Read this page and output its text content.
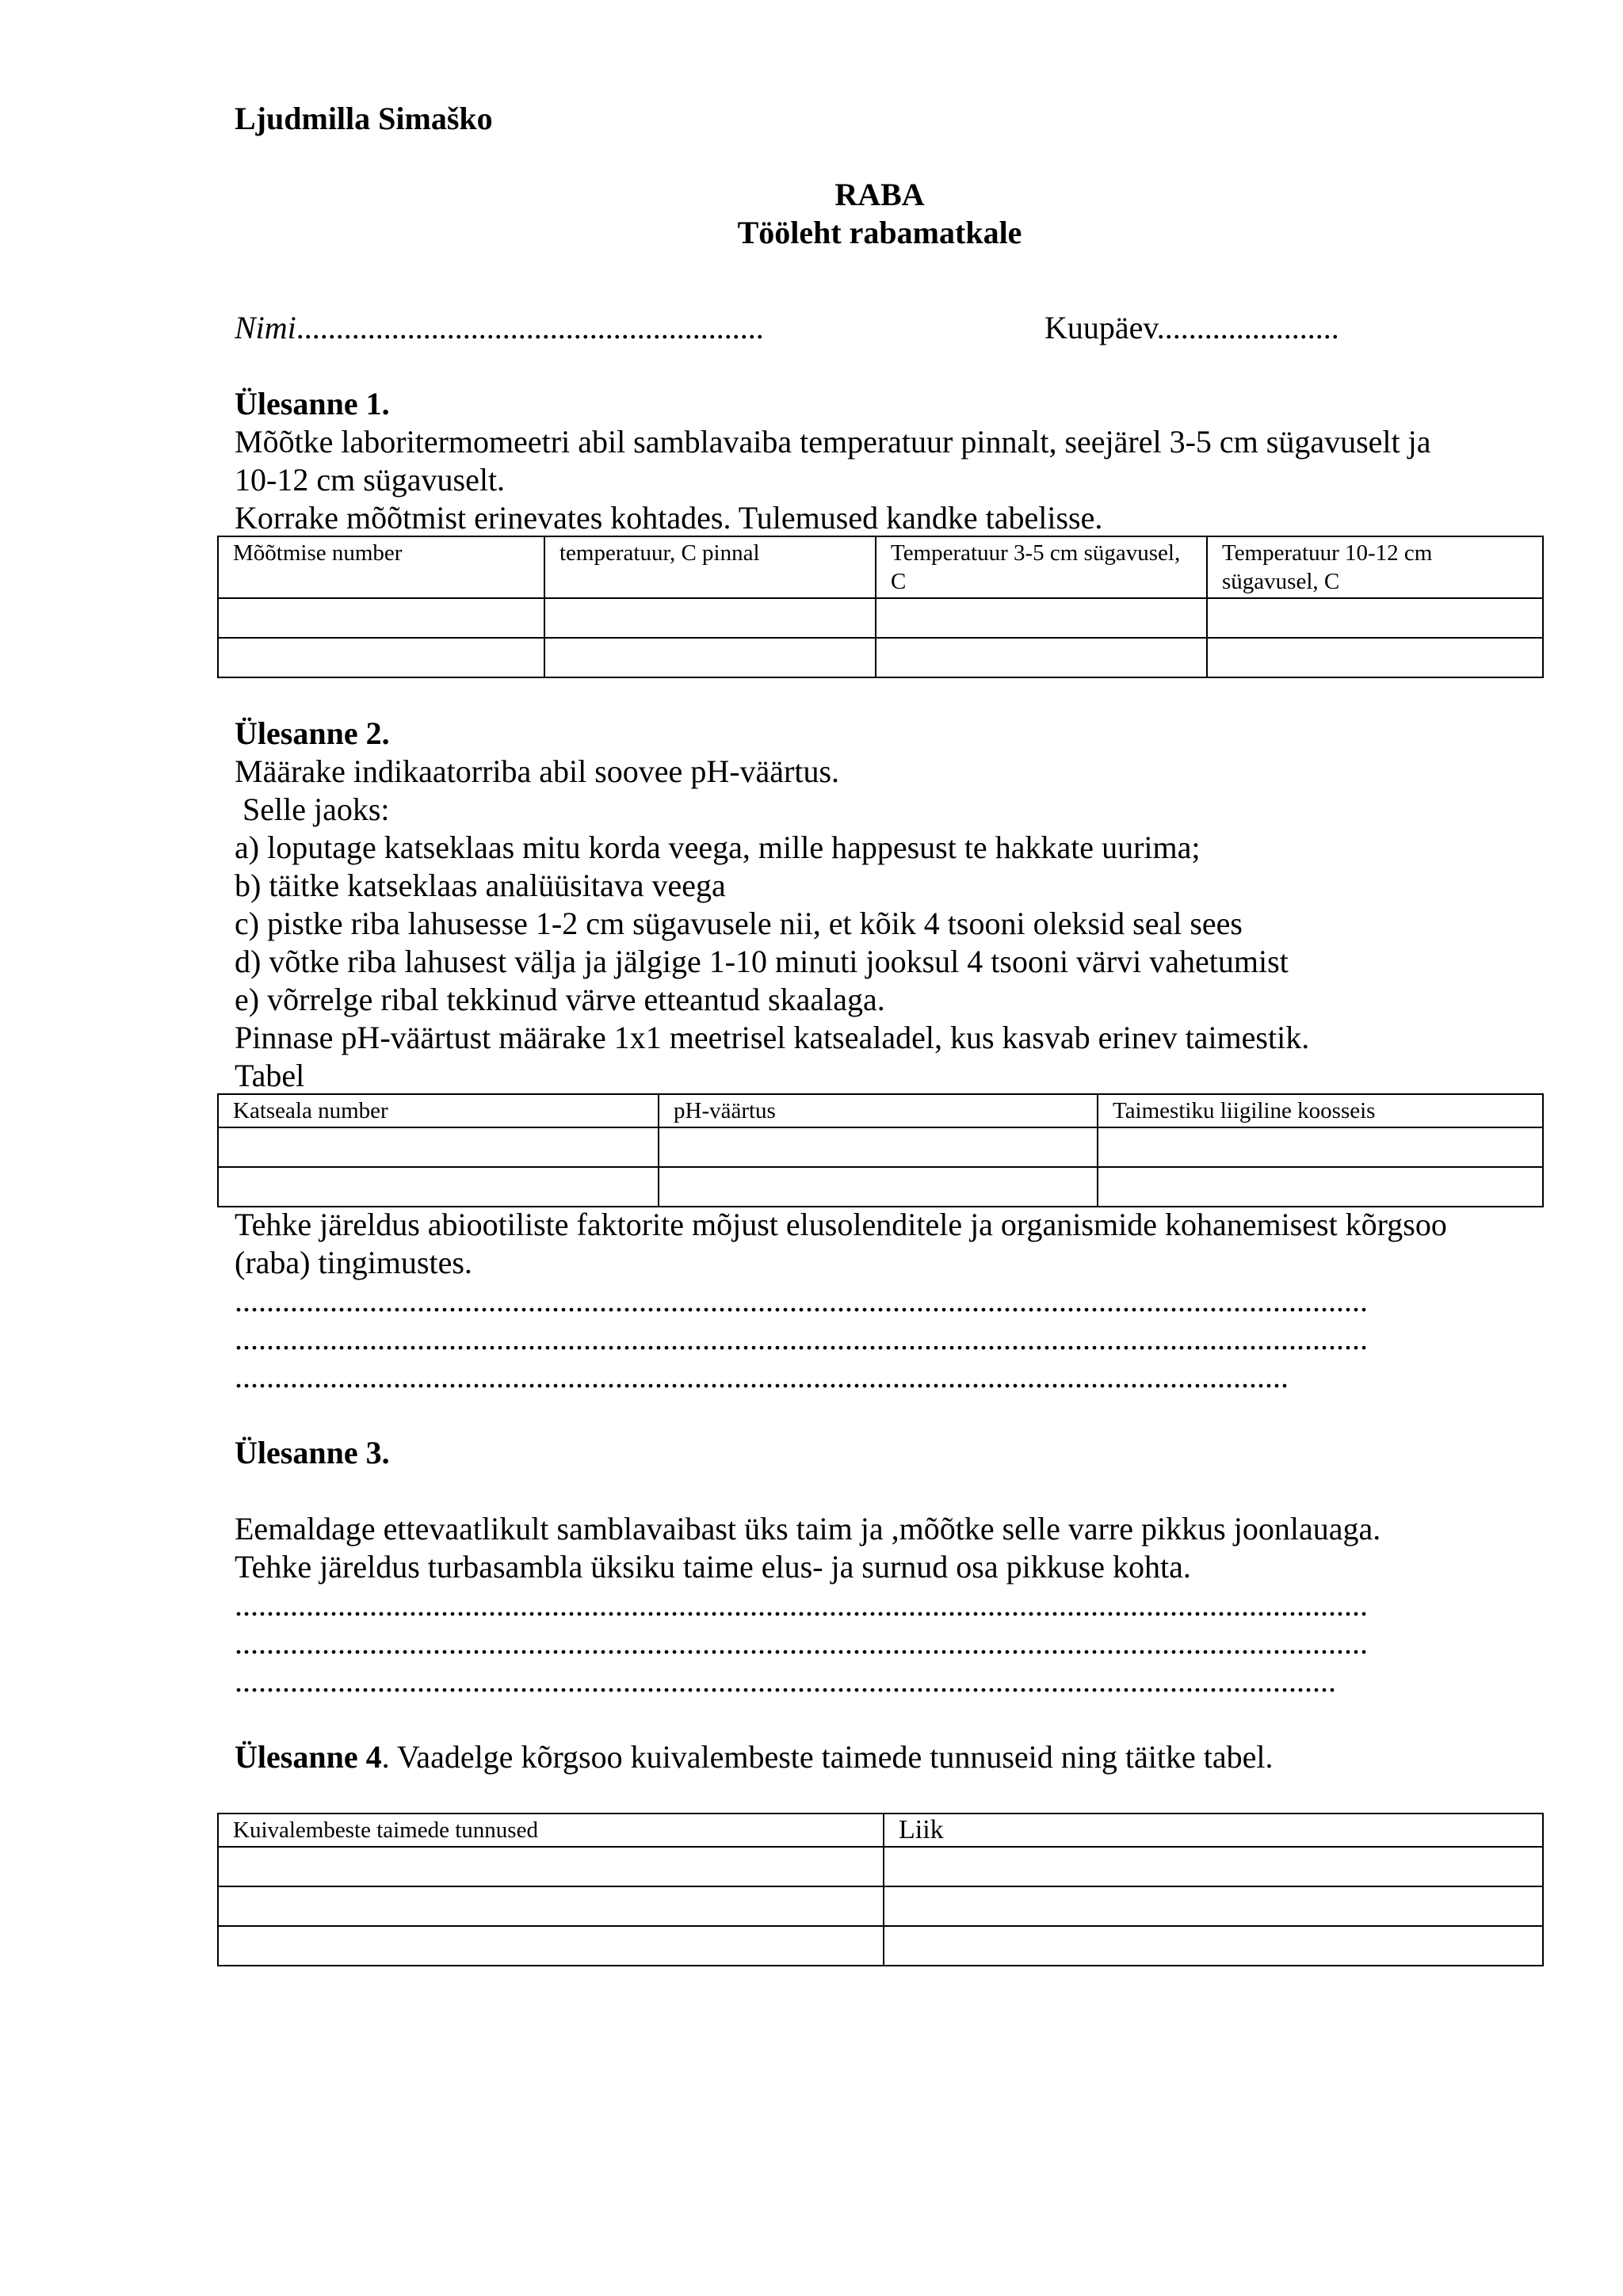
Ljudmilla Simaško
RABA
Tööleht rabamatkale
Nimi...........................................................	Kuupäev.......................
Ülesanne 1.
Mõõtke laboritermomeetri abil samblavaiba temperatuur pinnalt, seejärel 3-5 cm sügavuselt ja
10-12 cm sügavuselt.
Korrake mõõtmist erinevates kohtades. Tulemused kandke tabelisse.
Mõõtmise number	temperatuur, C pinnal	Temperatuur 3-5 cm sügavusel, C	Temperatuur 10-12 cm sügavusel, C

Ülesanne 2.
Määrake indikaatorriba abil soovee pH-väärtus.
Selle jaoks:
a) loputage katseklaas mitu korda veega, mille happesust te hakkate uurima;
b) täitke katseklaas analüüsitava veega
c) pistke riba lahusesse 1-2 cm sügavusele nii, et kõik 4 tsooni oleksid seal sees
d) võtke riba lahusest välja ja jälgige 1-10 minuti jooksul 4 tsooni värvi vahetumist
e) võrrelge ribal tekkinud värve etteantud skaalaga.
Pinnase pH-väärtust määrake 1x1 meetrisel katsealadel, kus kasvab erinev taimestik.
Tabel
Katseala number	pH-väärtus	Taimestiku liigiline koosseis

Tehke järeldus abiootiliste faktorite mõjust elusolenditele ja organismide kohanemisest kõrgsoo
(raba) tingimustes.
...............................................................................................................................................
...............................................................................................................................................
.....................................................................................................................................
Ülesanne 3.
Eemaldage ettevaatlikult samblavaibast üks taim ja ,mõõtke selle varre pikkus joonlauaga.
Tehke järeldus turbasambla üksiku taime elus- ja surnud osa pikkuse kohta.
...............................................................................................................................................
...............................................................................................................................................
...........................................................................................................................................
Ülesanne 4. Vaadelge kõrgsoo kuivalembeste taimede tunnuseid ning täitke tabel.
Kuivalembeste taimede tunnused	Liik
